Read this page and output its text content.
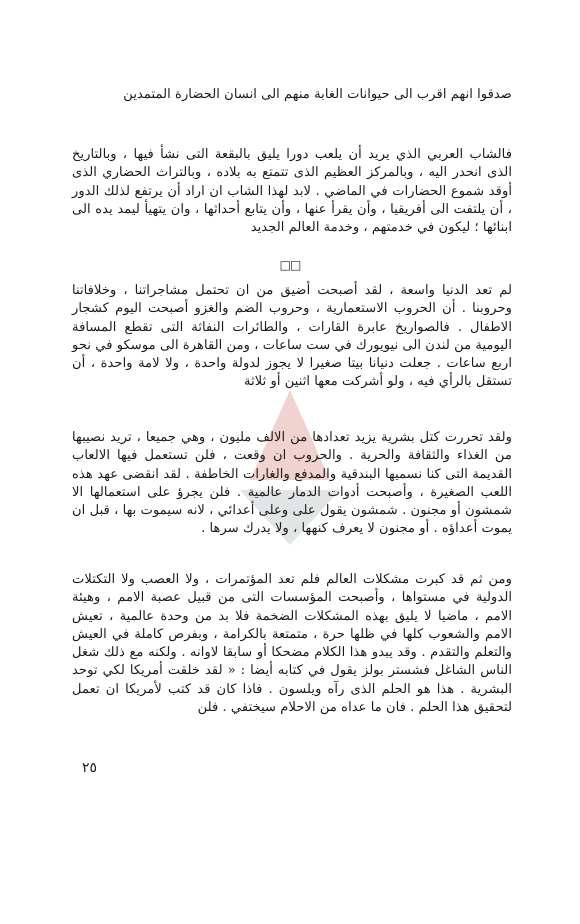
صدقوا انهم اقرب الى حيوانات الغابة منهم الى انسان الحضارة المتمدين

فالشاب العربي الذي يريد أن يلعب دورا يليق بالبقعة التى نشأ فيها ، وبالتاريخ الذى انحدر اليه ، وبالمركز العظيم الذى تتمتع به بلاده ، وبالتراث الحضاري الذى أوقد شموع الحضارات في الماضي . لابد لهذا الشاب ان اراد أن يرتفع لذلك الدور ، أن يلتفت الى أفريقيا ، وأن يقرأ عنها ، وأن يتابع أحداثها ، وان يتهيأ ليمد يده الى ابنائها ؛ ليكون في خدمتهم ، وخدمة العالم الجديد

□□

لم تعد الدنيا واسعة ، لقد أصبحت أضيق من ان تحتمل مشاجراتنا ، وخلافاتنا وحروبنا . أن الحروب الاستعمارية ، وحروب الضم والغزو أصبحت اليوم كشجار الاطفال . فالصواريخ عابرة القارات ، والطائرات النفاثة التى تقطع المسافة اليومية من لندن الى نيويورك في ست ساعات ، ومن القاهرة الى موسكو في نحو اربع ساعات . جعلت دنيانا بيتا صغيرا لا يجوز لدولة واحدة ، ولا لامة واحدة ، أن تستقل بالرأي فيه ، ولو أشركت معها اثنين أو ثلاثة

ولقد تحررت كتل بشرية يزيد تعدادها من الالف مليون ، وهي جميعا ، تريد نصيبها من الغذاء والثقافة والحرية . والحروب ان وقعت ، فلن تستعمل فيها الالعاب القديمة التى كنا نسميها البندقية والمدفع والغارات الخاطفة . لقد انقضى عهد هذه اللعب الصغيرة ، وأصبحت أدوات الدمار عالمية . فلن يجرؤ على استعمالها الا شمشون أو مجنون . شمشون يقول على وعلى أعدائي ، لانه سيموت بها ، قبل ان يموت أعداؤه . أو مجنون لا يعرف كنهها ، ولا يدرك سرها .

ومن ثم قد كبرت مشكلات العالم فلم تعد المؤتمرات ، ولا العصب ولا التكتلات الدولية في مستواها ، وأصبحت المؤسسات التى من قبيل عصبة الامم ، وهيئة الامم ، ماضيا لا يليق بهذه المشكلات الضخمة فلا بد من وحدة عالمية ، تعيش الامم والشعوب كلها في ظلها حرة ، متمتعة بالكرامة ، وبفرص كاملة في العيش والتعلم والتقدم . وقد يبدو هذا الكلام مضحكا أو سابقا لاوانه . ولكنه مع ذلك شغل الناس الشاغل فشستر بولز يقول في كتابه أيضا : « لقد خلقت أمريكا لكي توحد البشرية . هذا هو الحلم الذى رآه ويلسون . فاذا كان قد كتب لأمريكا ان تعمل لتحقيق هذا الحلم . فان ما عداه من الاحلام سيختفي . فلن

٢٥
